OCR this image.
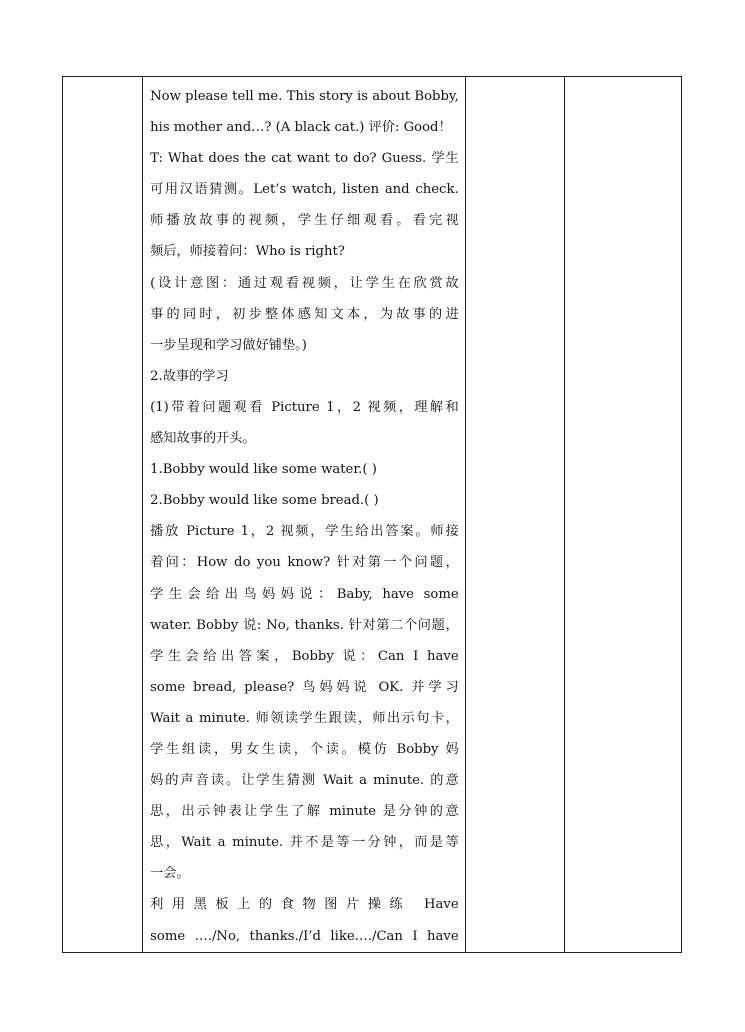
Now please tell me. This story is about Bobby,
his mother and…? (A black cat.) 评价: Good！
T: What does the cat want to do? Guess. 学生
可用汉语猜测。Let’s watch, listen and check.
师播放故事的视频，学生仔细观看。看完视
频后，师接着问：Who is right?
(设计意图：通过观看视频，让学生在欣赏故
事的同时，初步整体感知文本，为故事的进
一步呈现和学习做好铺垫。)
2.故事的学习
(1)带着问题观看 Picture 1，2 视频，理解和
感知故事的开头。
1.Bobby would like some water.( )
2.Bobby would like some bread.( )
播放 Picture 1，2 视频，学生给出答案。师接
着问：How do you know? 针对第一个问题，
学生会给出鸟妈妈说：Baby, have some
water. Bobby 说: No, thanks. 针对第二个问题，
学生会给出答案，Bobby 说：Can I have
some bread, please? 鸟妈妈说 OK. 并学习
Wait a minute. 师领读学生跟读，师出示句卡，
学生组读，男女生读，个读。模仿 Bobby 妈
妈的声音读。让学生猜测 Wait a minute. 的意
思，出示钟表让学生了解 minute 是分钟的意
思，Wait a minute. 并不是等一分钟，而是等
一会。
利用黑板上的食物图片操练 Have
some …./No, thanks./I’d like…./Can I have
